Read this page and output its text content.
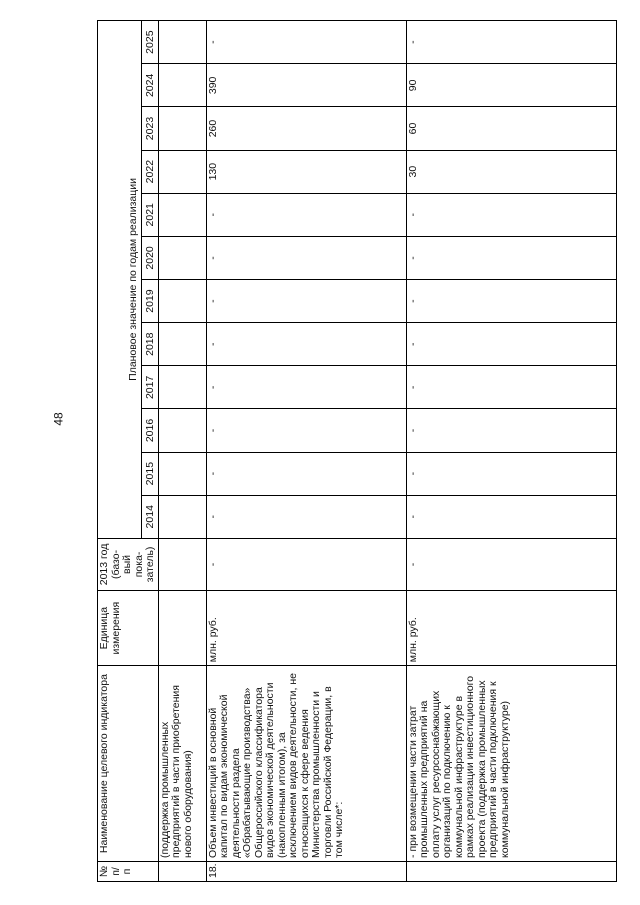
48
№ п/п	Наименование целевого индикатора	Единица измерения	2013 год (базо-вый пока-затель)	Плановое значение по годам реализации											
				2014	2015	2016	2017	2018	2019	2020	2021	2022	2023	2024	2025
	(поддержка промышленных предприятий в части приобретения нового оборудования)														
18.	Объем инвестиций в основной капитал по видам экономической деятельности раздела «Обрабатывающие производства» Общероссийского классификатора видов экономической деятельности (накопленным итогом), за исключением видов деятельности, не относящихся к сфере ведения Министерства промышленности и торговли Российской Федерации, в том числе*:	млн. руб.	-	-	-	-	-	-	-	-	-	130	260	390	-
	- при возмещении части затрат промышленных предприятий на оплату услуг ресурсоснабжающих организаций по подключению к коммунальной инфраструктуре в рамках реализации инвестиционного проекта (поддержка промышленных предприятий в части подключения к коммунальной инфраструктуре)	млн. руб.	-	-	-	-	-	-	-	-	-	30	60	90	-
